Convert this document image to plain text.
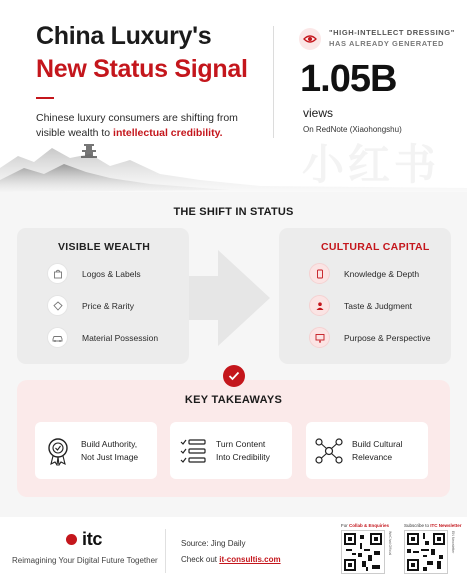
China Luxury's
New Status Signal
Chinese luxury consumers are shifting from visible wealth to intellectual credibility.
"HIGH-INTELLECT DRESSING"
HAS ALREADY GENERATED
小红书
1.05B
views
On RedNote (Xiaohongshu)
THE SHIFT IN STATUS
VISIBLE WEALTH
Logos & Labels
Price & Rarity
Material Possession
CULTURAL CAPITAL
Knowledge & Depth
Taste & Judgment
Purpose & Perspective
KEY TAKEAWAYS
Build Authority,
Not Just Image
Turn Content
Into Credibility
Build Cultural
Relevance
itc
Reimagining Your Digital Future Together
Source: Jing Daily
Check out it-consultis.com
For Collab & Enquiries
WeChat Official
Subscribe to ITC Newsletter
EN Newsletter
